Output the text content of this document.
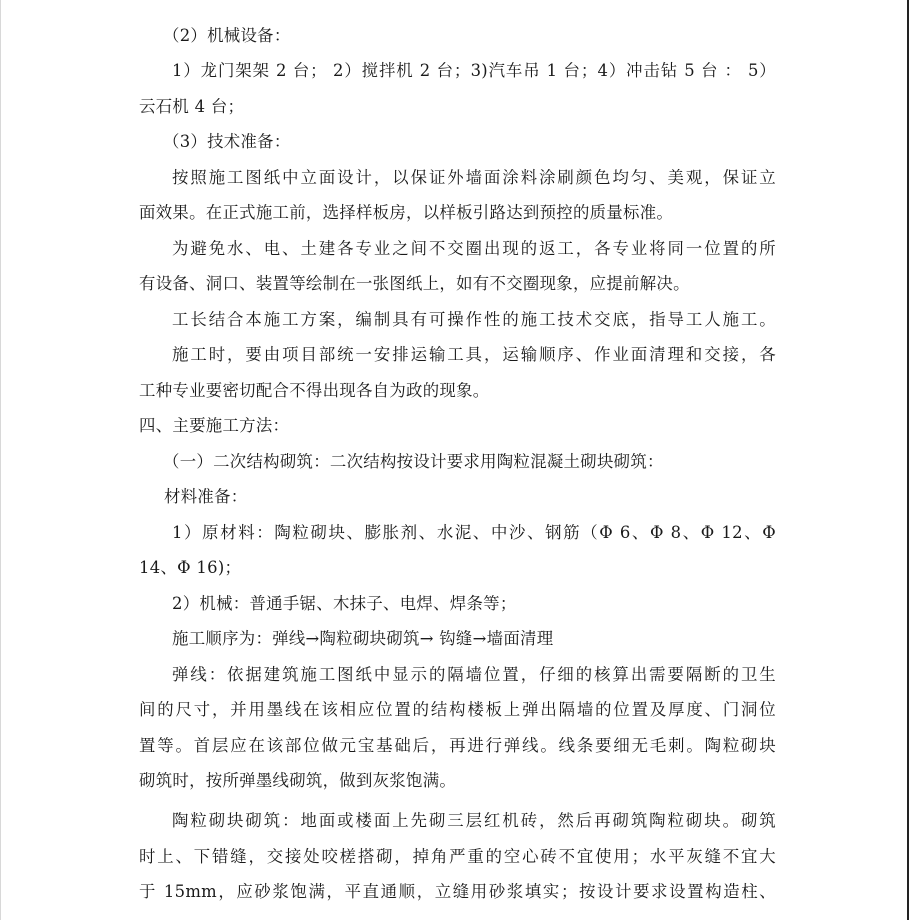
（2）机械设备：
1）龙门架架 2 台； 2）搅拌机 2 台；3)汽车吊 1 台；4）冲击钻 5 台 ： 5）
云石机 4 台；
（3）技术准备：
按照施工图纸中立面设计，以保证外墙面涂料涂刷颜色均匀、美观，保证立
面效果。在正式施工前，选择样板房，以样板引路达到预控的质量标准。
为避免水、电、土建各专业之间不交圈出现的返工，各专业将同一位置的所
有设备、洞口、装置等绘制在一张图纸上，如有不交圈现象，应提前解决。
工长结合本施工方案，编制具有可操作性的施工技术交底，指导工人施工。
施工时，要由项目部统一安排运输工具，运输顺序、作业面清理和交接，各
工种专业要密切配合不得出现各自为政的现象。
四、主要施工方法：
（一）二次结构砌筑：二次结构按设计要求用陶粒混凝土砌块砌筑：
材料准备：
1）原材料：陶粒砌块、膨胀剂、水泥、中沙、钢筋（Φ 6、Φ 8、Φ 12、Φ
14、Φ 16)；
2）机械：普通手锯、木抹子、电焊、焊条等；
施工顺序为：弹线→陶粒砌块砌筑→ 钩缝→墙面清理
弹线：依据建筑施工图纸中显示的隔墙位置，仔细的核算出需要隔断的卫生
间的尺寸，并用墨线在该相应位置的结构楼板上弹出隔墙的位置及厚度、门洞位
置等。首层应在该部位做元宝基础后，再进行弹线。线条要细无毛刺。陶粒砌块
砌筑时，按所弹墨线砌筑，做到灰浆饱满。
陶粒砌块砌筑：地面或楼面上先砌三层红机砖，然后再砌筑陶粒砌块。砌筑
时上、下错缝，交接处咬槎搭砌，掉角严重的空心砖不宜使用；水平灰缝不宜大
于 15mm，应砂浆饱满，平直通顺，立缝用砂浆填实；按设计要求设置构造柱、
